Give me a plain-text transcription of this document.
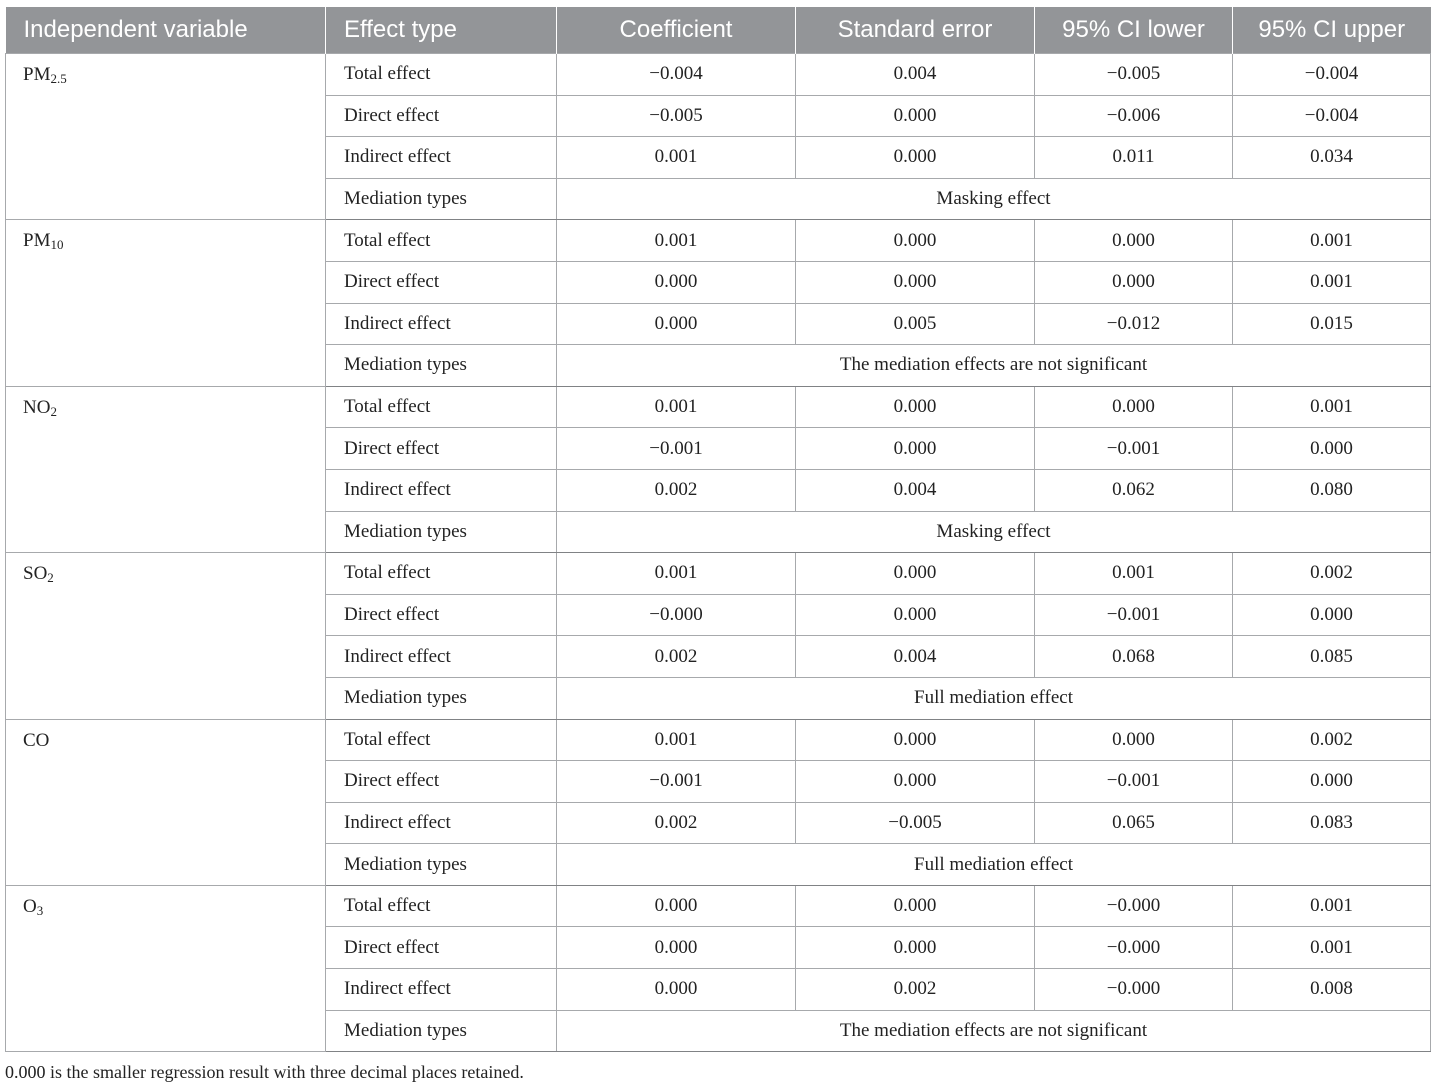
Independent variable	Effect type	Coefficient	Standard error	95% CI lower	95% CI upper
$PM_{2.5}$	Total effect	−0.004	0.004	−0.005	−0.004
	Direct effect	−0.005	0.000	−0.006	−0.004
	Indirect effect	0.001	0.000	0.011	0.034
	Mediation types	Masking effect			
$PM_{10}$	Total effect	0.001	0.000	0.000	0.001
	Direct effect	0.000	0.000	0.000	0.001
	Indirect effect	0.000	0.005	−0.012	0.015
	Mediation types	The mediation effects are not significant			
$NO_2$	Total effect	0.001	0.000	0.000	0.001
	Direct effect	−0.001	0.000	−0.001	0.000
	Indirect effect	0.002	0.004	0.062	0.080
	Mediation types	Masking effect			
$SO_2$	Total effect	0.001	0.000	0.001	0.002
	Direct effect	−0.000	0.000	−0.001	0.000
	Indirect effect	0.002	0.004	0.068	0.085
	Mediation types	Full mediation effect			
CO	Total effect	0.001	0.000	0.000	0.002
	Direct effect	−0.001	0.000	−0.001	0.000
	Indirect effect	0.002	−0.005	0.065	0.083
	Mediation types	Full mediation effect			
$O_3$	Total effect	0.000	0.000	−0.000	0.001
	Direct effect	0.000	0.000	−0.000	0.001
	Indirect effect	0.000	0.002	−0.000	0.008
	Mediation types	The mediation effects are not significant			
0.000 is the smaller regression result with three decimal places retained.
